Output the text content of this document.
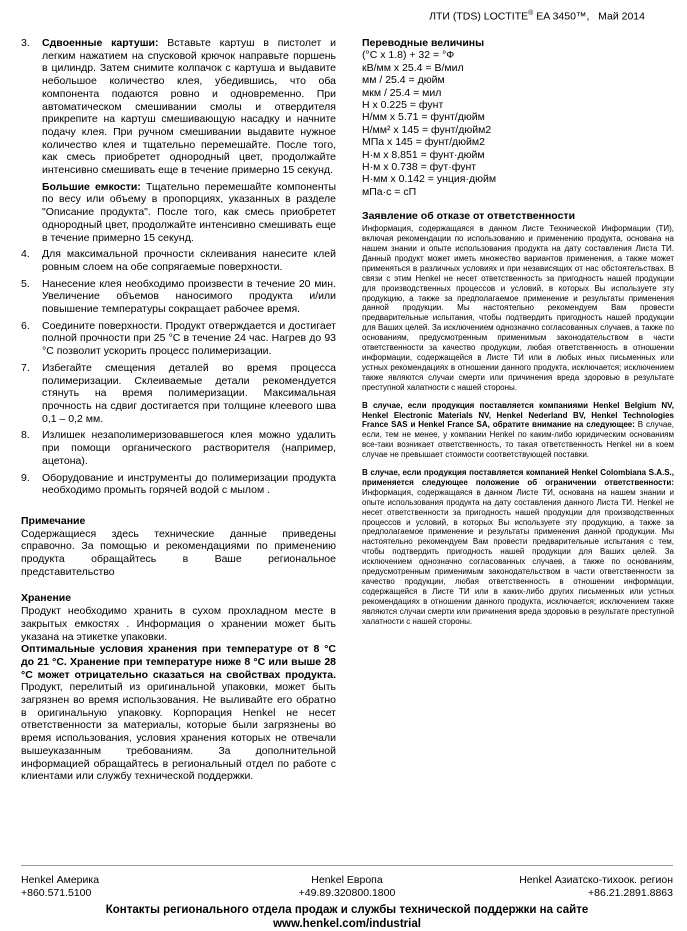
ЛТИ (TDS) LOCTITE® EA 3450™, Май 2014
3. Сдвоенные картуши: Вставьте картуш в пистолет и легким нажатием на спусковой крючок направьте поршень в цилиндр. Затем снимите колпачок с картуша и выдавите небольшое количество клея, убедившись, что оба компонента подаются ровно и одновременно. При автоматическом смешивании смолы и отвердителя прикрепите на картуш смешивающую насадку и начните подачу клея. При ручном смешивании выдавите нужное количество клея и тщательно перемешайте. После того, как смесь приобретет однородный цвет, продолжайте интенсивно смешивать еще в течение примерно 15 секунд.
Большие емкости: Тщательно перемешайте компоненты по весу или объему в пропорциях, указанных в разделе "Описание продукта". После того, как смесь приобретет однородный цвет, продолжайте интенсивно смешивать еще в течение примерно 15 секунд.
4. Для максимальной прочности склеивания нанесите клей ровным слоем на обе сопрягаемые поверхности.
5. Нанесение клея необходимо произвести в течение 20 мин. Увеличение объемов наносимого продукта и/или повышение температуры сокращает рабочее время.
6. Соедините поверхности. Продукт отверждается и достигает полной прочности при 25 °С в течение 24 час. Нагрев до 93 °С позволит ускорить процесс полимеризации.
7. Избегайте смещения деталей во время процесса полимеризации. Склеиваемые детали рекомендуется стянуть на время полимеризации. Максимальная прочность на сдвиг достигается при толщине клеевого шва 0,1 – 0,2 мм.
8. Излишек незаполимеризовавшегося клея можно удалить при помощи органического растворителя (например, ацетона).
9. Оборудование и инструменты до полимеризации продукта необходимо промыть горячей водой с мылом .
Примечание

Содержащиеся здесь технические данные приведены справочно. За помощью и рекомендациями по применению продукта обращайтесь в Ваше региональное представительство

Хранение

Продукт необходимо хранить в сухом прохладном месте в закрытых емкостях . Информация о хранении может быть указана на этикетке упаковки.
Оптимальные условия хранения при температуре от 8 °С до 21 °С. Хранение при температуре ниже 8 °С или выше 28 °С может отрицательно сказаться на свойствах продукта. Продукт, перелитый из оригинальной упаковки, может быть загрязнен во время использования. Не выливайте его обратно в оригинальную упаковку. Корпорация Henkel не несет ответственности за материалы, которые были загрязнены во время использования, условия хранения которых не отвечали вышеуказанным требованиям. За дополнительной информацией обращайтесь в региональный отдел по работе с клиентами или службу технической поддержки.

Переводные величины
(°С х 1.8) + 32 = °Ф
кВ/мм х 25.4 = В/мил
мм / 25.4 = дюйм
мкм / 25.4 = мил
Н х 0.225 = фунт
Н/мм х 5.71 = фунт/дюйм
Н/мм² х 145 = фунт/дюйм2
МПа х 145 = фунт/дюйм2
Н·м х 8.851 = фунт·дюйм
Н·м х 0.738 = фут·фунт
Н·мм х 0.142 = унция·дюйм
мПа·с = сП
Заявление об отказе от ответственности

Информация, содержащаяся в данном Листе Технической Информации (ТИ), включая рекомендации по использованию и применению продукта, основана на нашем знании и опыте использования продукта на дату составления Листа ТИ. Данный продукт может иметь множество вариантов применения, а также может применяться в различных условиях и при независящих от нас обстоятельствах. В связи с этим Henkel не несет ответственность за пригодность нашей продукции для производственных процессов и условий, в которых Вы используете эту продукцию, а также за предполагаемое применение и результаты применения данной продукции. Мы настоятельно рекомендуем Вам провести предварительные испытания, чтобы подтвердить пригодность нашей продукции для Ваших целей. За исключением однозначно согласованных случаев, а также по основаниям, предусмотренным применимым законодательством в части ответственности за качество продукции, любая ответственность в отношении информации, содержащейся в Листе ТИ или в любых иных письменных или устных рекомендациях в отношении данного продукта, исключается; исключением также являются случаи смерти или причинения вреда здоровью в результате преступной халатности с нашей стороны.

В случае, если продукция поставляется компаниями Henkel Belgium NV, Henkel Electronic Materials NV, Henkel Nederland BV, Henkel Technologies France SAS и Henkel France SA, обратите внимание на следующее: В случае, если, тем не менее, у компании Henkel по каким-либо юридическим основаниям все-таки возникает ответственность, то такая ответственность Henkel ни в коем случае не превышает стоимости соответствующей поставки.

В случае, если продукция поставляется компанией Henkel Colombiana S.A.S., применяется следующее положение об ограничении ответственности: Информация, содержащаяся в данном Листе ТИ, основана на нашем знании и опыте использования продукта на дату составления данного Листа ТИ. Henkel не несет ответственности за пригодность нашей продукции для производственных процессов и условий, в которых Вы используете эту продукцию, а также за предполагаемое применение и результаты применения данной продукции. Мы настоятельно рекомендуем Вам провести предварительные испытания с тем, чтобы подтвердить пригодность нашей продукции для Ваших целей. За исключением однозначно согласованных случаев, а также по основаниям, предусмотренным применимым законодательством в части ответственности за качество продукции, любая ответственность в отношении информации, содержащейся в Листе ТИ или в каких-либо других письменных или устных рекомендациях в отношении данного продукта, исключается; исключением также являются случаи смерти или причинения вреда здоровью в результате преступной халатности с нашей стороны.

Henkel Америка
+860.571.5100
Henkel Европа
+49.89.320800.1800
Henkel Азиатско-тихоок. регион
+86.21.2891.8863
Контакты регионального отдела продаж и службы технической поддержки на сайте
www.henkel.com/industrial
